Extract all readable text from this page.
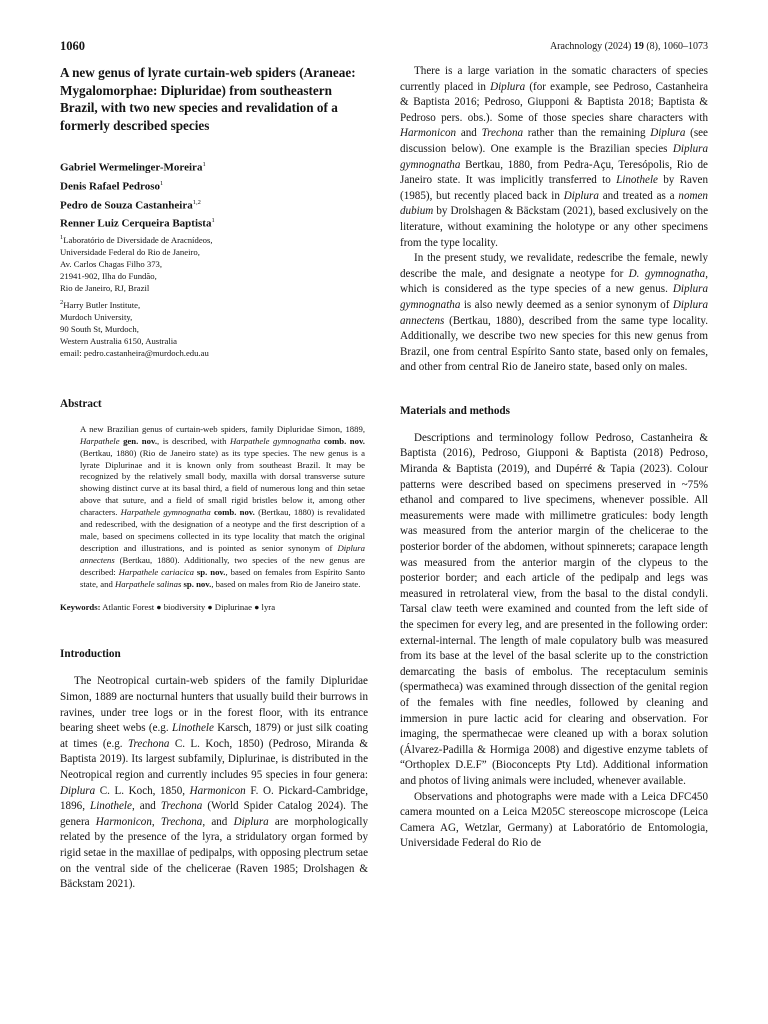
1060	Arachnology (2024) 19 (8), 1060–1073
A new genus of lyrate curtain-web spiders (Araneae: Mygalomorphae: Dipluridae) from southeastern Brazil, with two new species and revalidation of a formerly described species

Gabriel Wermelinger-Moreira$^1$
Denis Rafael Pedroso$^1$
Pedro de Souza Castanheira$^{1,2}$
Renner Luiz Cerqueira Baptista$^1$

$^1$Laboratório de Diversidade de Aracnídeos,
Universidade Federal do Rio de Janeiro,
Av. Carlos Chagas Filho 373,
21941-902, Ilha do Fundão,
Rio de Janeiro, RJ, Brazil

$^2$Harry Butler Institute,
Murdoch University,
90 South St, Murdoch,
Western Australia 6150, Australia
email: pedro.castanheira@murdoch.edu.au

Abstract

A new Brazilian genus of curtain-web spiders, family Dipluridae Simon, 1889, Harpathele gen. nov., is described, with Harpathele gymnognatha comb. nov. (Bertkau, 1880) (Rio de Janeiro state) as its type species. The new genus is a lyrate Diplurinae and it is known only from southeast Brazil. It may be recognized by the relatively small body, maxilla with dorsal transverse suture showing distinct curve at its basal third, a field of numerous long and thin setae above that suture, and a field of small rigid bristles below it, among other characters. Harpathele gymnognatha comb. nov. (Bertkau, 1880) is revalidated and redescribed, with the designation of a neotype and the first description of a male, based on specimens collected in its type locality that match the original description and illustrations, and is pointed as senior synonym of Diplura annectens (Bertkau, 1880). Additionally, two species of the new genus are described: Harpathele cariacica sp. nov., based on females from Espírito Santo state, and Harpathele salinas sp. nov., based on males from Rio de Janeiro state.

Keywords: Atlantic Forest ● biodiversity ● Diplurinae ● lyra

Introduction

The Neotropical curtain-web spiders of the family Dipluridae Simon, 1889 are nocturnal hunters that usually build their burrows in ravines, under tree logs or in the forest floor, with its entrance bearing sheet webs (e.g. Linothele Karsch, 1879) or just silk coating at times (e.g. Trechona C. L. Koch, 1850) (Pedroso, Miranda & Baptista 2019). Its largest subfamily, Diplurinae, is distributed in the Neotropical region and currently includes 95 species in four genera: Diplura C. L. Koch, 1850, Harmonicon F. O. Pickard-Cambridge, 1896, Linothele, and Trechona (World Spider Catalog 2024). The genera Harmonicon, Trechona, and Diplura are morphologically related by the presence of the lyra, a stridulatory organ formed by rigid setae in the maxillae of pedipalps, with opposing plectrum setae on the ventral side of the chelicerae (Raven 1985; Drolshagen & Bäckstam 2021).

There is a large variation in the somatic characters of species currently placed in Diplura (for example, see Pedroso, Castanheira & Baptista 2016; Pedroso, Giupponi & Baptista 2018; Baptista & Pedroso pers. obs.). Some of those species share characters with Harmonicon and Trechona rather than the remaining Diplura (see discussion below). One example is the Brazilian species Diplura gymnognatha Bertkau, 1880, from Pedra-Açu, Teresópolis, Rio de Janeiro state. It was implicitly transferred to Linothele by Raven (1985), but recently placed back in Diplura and treated as a nomen dubium by Drolshagen & Bäckstam (2021), based exclusively on the literature, without examining the holotype or any other specimens from the type locality.

In the present study, we revalidate, redescribe the female, newly describe the male, and designate a neotype for D. gymnognatha, which is considered as the type species of a new genus. Diplura gymnognatha is also newly deemed as a senior synonym of Diplura annectens (Bertkau, 1880), described from the same type locality. Additionally, we describe two new species for this new genus from Brazil, one from central Espírito Santo state, based only on females, and other from central Rio de Janeiro state, based only on males.

Materials and methods

Descriptions and terminology follow Pedroso, Castanheira & Baptista (2016), Pedroso, Giupponi & Baptista (2018) Pedroso, Miranda & Baptista (2019), and Dupérré & Tapia (2023). Colour patterns were described based on specimens preserved in ~75% ethanol and compared to live specimens, whenever possible. All measurements were made with millimetre graticules: body length was measured from the anterior margin of the chelicerae to the posterior border of the abdomen, without spinnerets; carapace length was measured from the anterior margin of the clypeus to the posterior border; and each article of the pedipalp and legs was measured in retrolateral view, from the basal to the distal condyli. Tarsal claw teeth were examined and counted from the left side of the specimen for every leg, and are presented in the following order: external-internal. The length of male copulatory bulb was measured from its base at the level of the basal sclerite up to the constriction demarcating the basis of embolus. The receptaculum seminis (spermatheca) was examined through dissection of the genital region of the females with fine needles, followed by cleaning and immersion in pure lactic acid for clearing and observation. For imaging, the spermathecae were cleaned up with a borax solution (Álvarez-Padilla & Hormiga 2008) and digestive enzyme tablets of “Orthoplex D.E.F” (Bioconcepts Pty Ltd). Additional information and photos of living animals were included, whenever available.

Observations and photographs were made with a Leica DFC450 camera mounted on a Leica M205C stereoscope microscope (Leica Camera AG, Wetzlar, Germany) at Laboratório de Entomologia, Universidade Federal do Rio de
